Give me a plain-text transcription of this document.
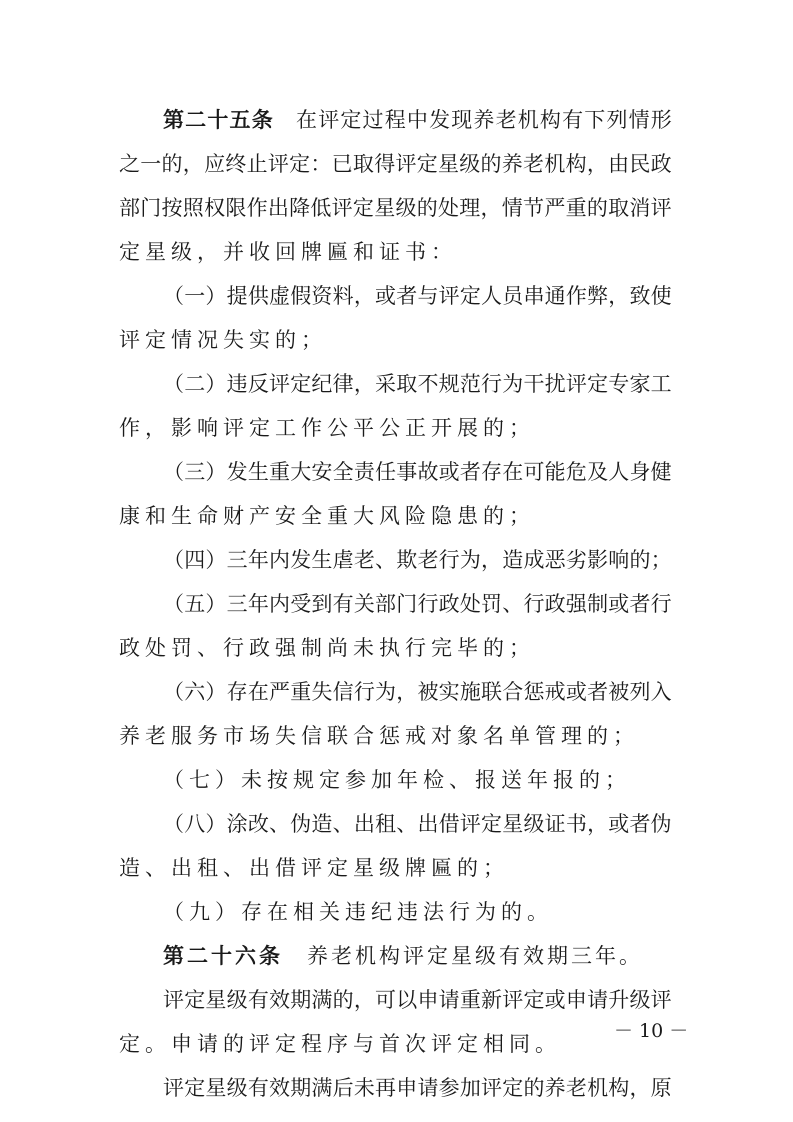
第 二 十 五 条
　 在 评 定 过 程 中 发 现 养 老 机 构 有 下 列 情 形
之 一 的 ， 应 终 止 评 定 ： 已 取 得 评 定 星 级 的 养 老 机 构 ， 由 民 政
部 门 按 照 权 限 作 出 降 低 评 定 星 级 的 处 理 ， 情 节 严 重 的 取 消 评
定星级，并收回牌匾和证书：
（ 一 ） 提 供 虚 假 资 料 ， 或 者 与 评 定 人 员 串 通 作 弊 ， 致 使
评定情况失实的；
（ 二 ） 违 反 评 定 纪 律 ， 采 取 不 规 范 行 为 干 扰 评 定 专 家 工
作，影响评定工作公平公正开展的；
（ 三 ） 发 生 重 大 安 全 责 任 事 故 或 者 存 在 可 能 危 及 人 身 健
康和生命财产安全重大风险隐患的；
（ 四 ） 三 年 内 发 生 虐 老 、 欺 老 行 为 ， 造 成 恶 劣 影 响 的 ；
（ 五 ） 三 年 内 受 到 有 关 部 门 行 政 处 罚 、 行 政 强 制 或 者 行
政处罚、行政强制尚未执行完毕的；
（ 六 ） 存 在 严 重 失 信 行 为 ， 被 实 施 联 合 惩 戒 或 者 被 列 入
养老服务市场失信联合惩戒对象名单管理的；
（七）未按规定参加年检、报送年报的；
（ 八 ） 涂 改 、 伪 造 、 出 租 、 出 借 评 定 星 级 证 书 ， 或 者 伪
造、出租、出借评定星级牌匾的；
（九）存在相关违纪违法行为的。
第二十六条　养老机构评定星级有效期三年。
评 定 星 级 有 效 期 满 的 ， 可 以 申 请 重 新 评 定 或 申 请 升 级 评
定。申请的评定程序与首次评定相同。
评 定 星 级 有 效 期 满 后 未 再 申 请 参 加 评 定 的 养 老 机 构 ， 原
－ 10 －
